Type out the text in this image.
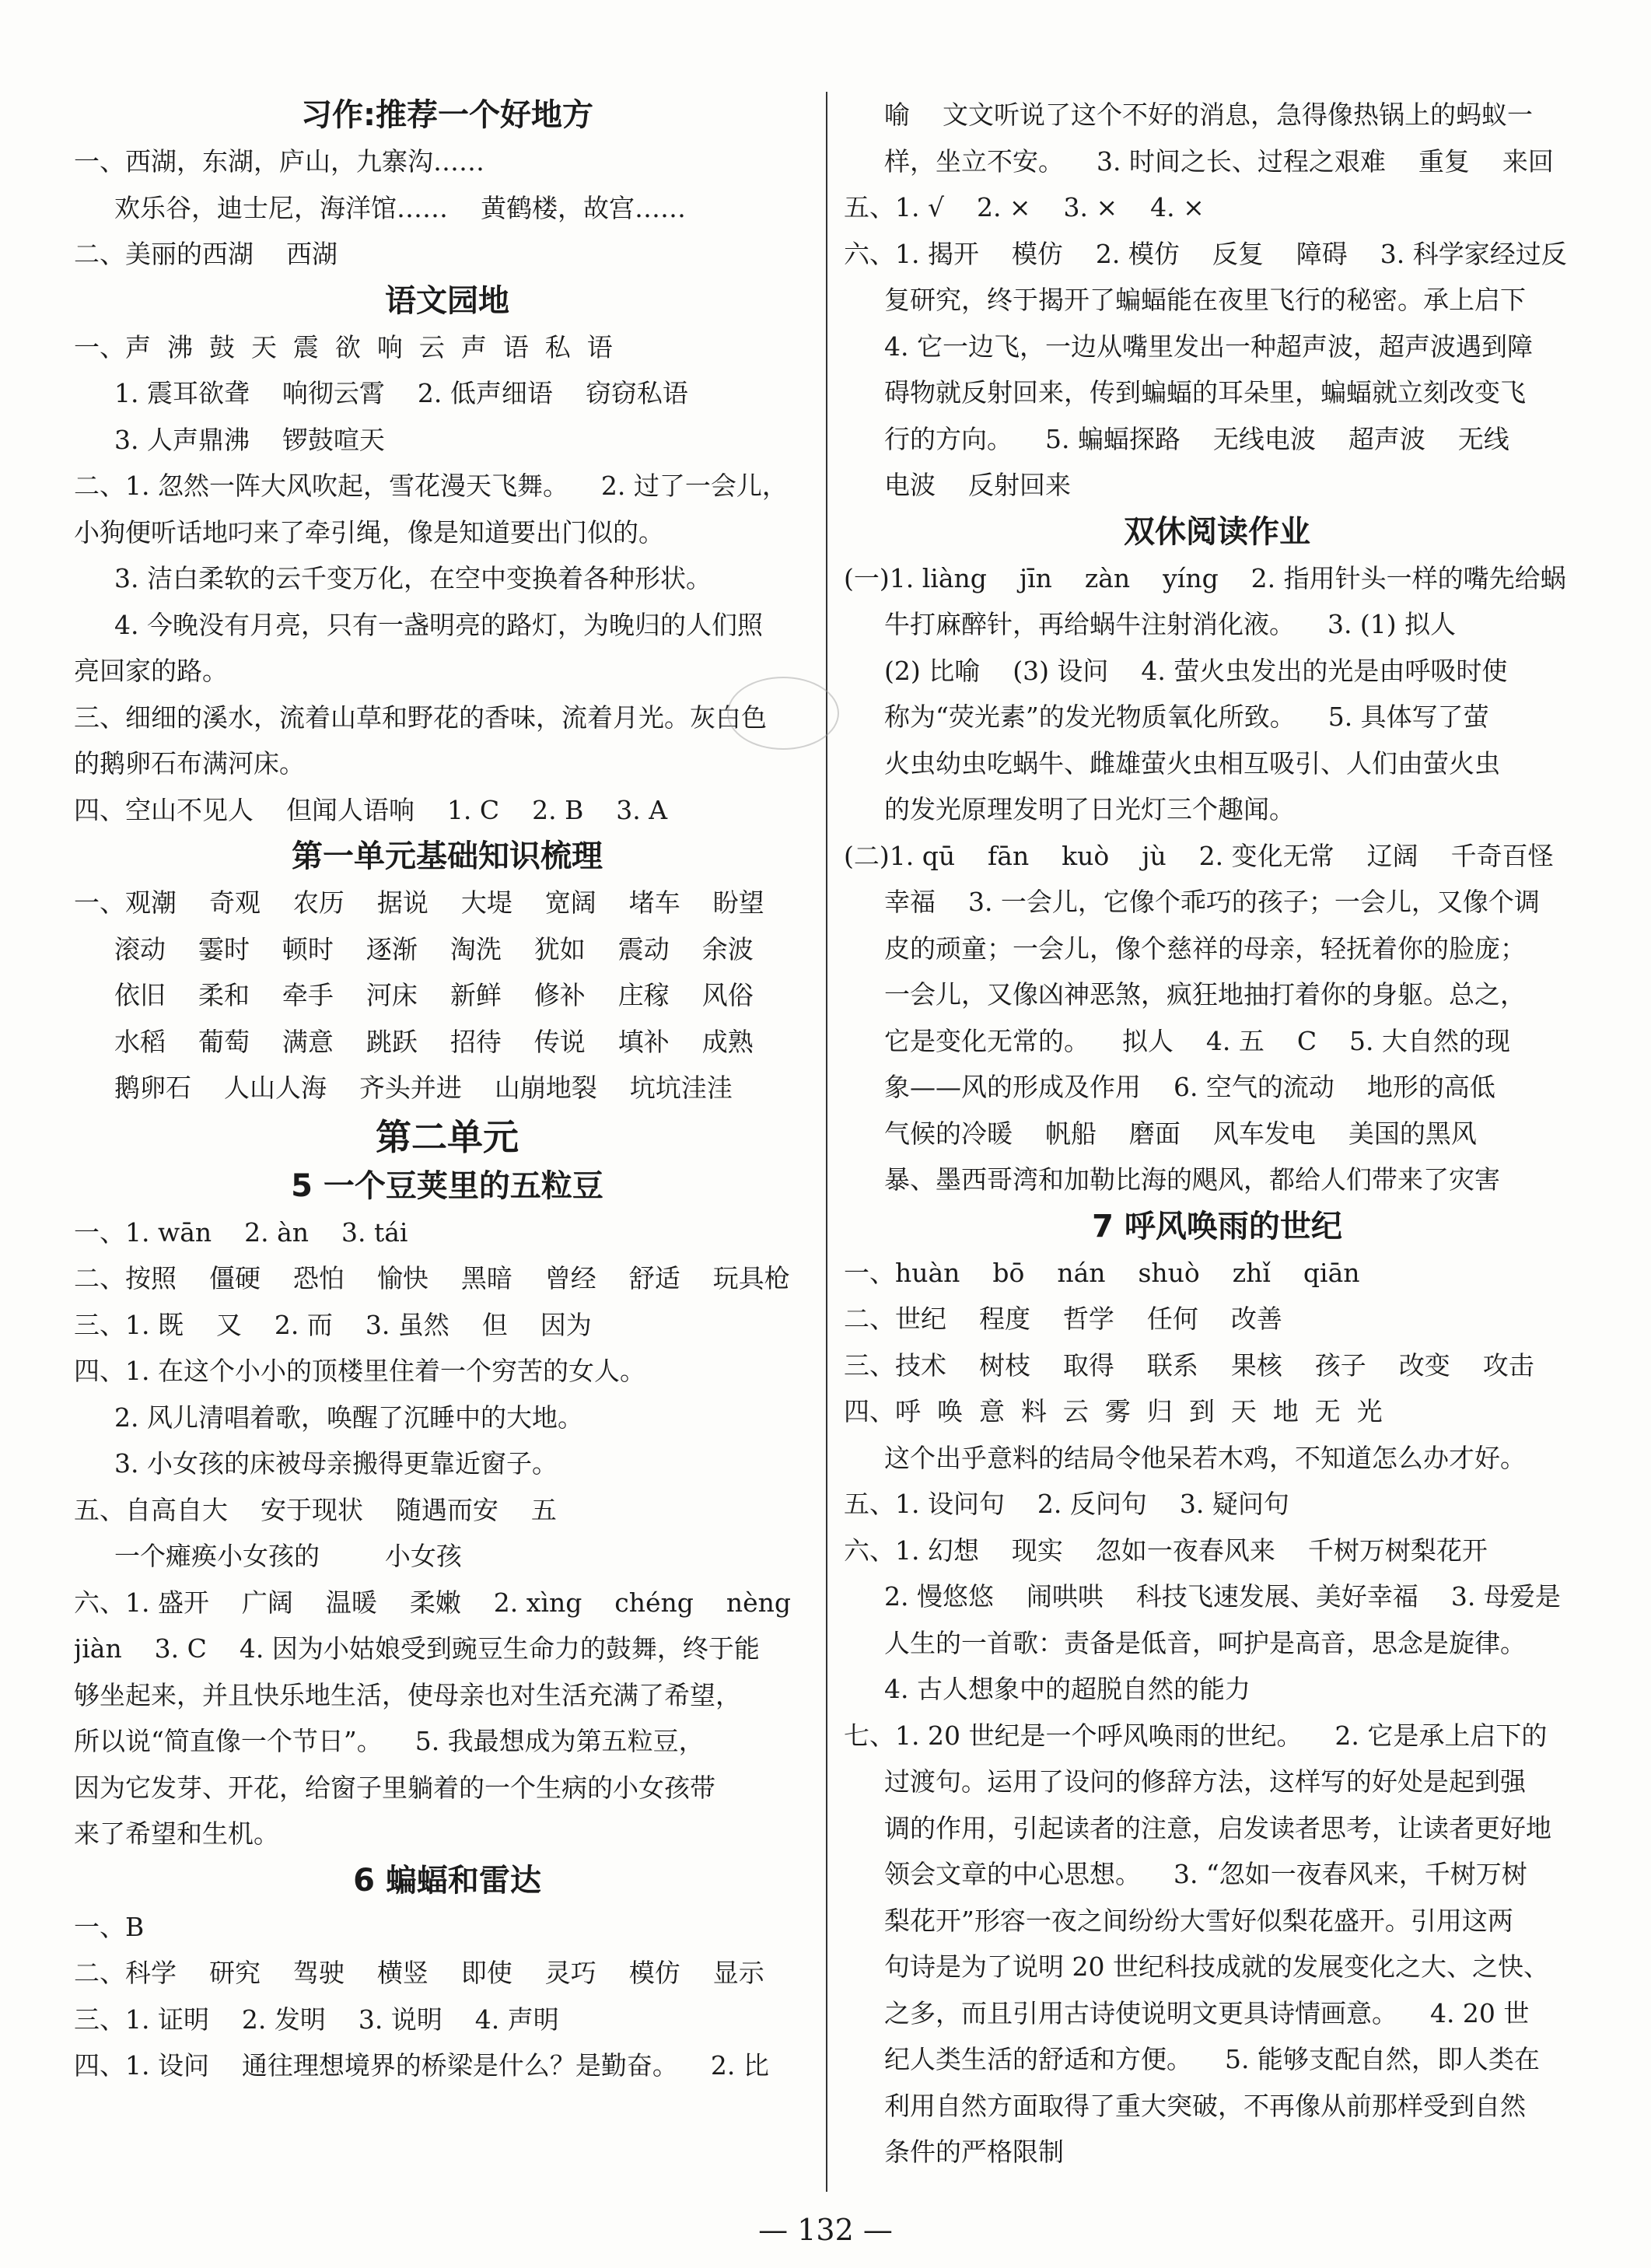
习作:推荐一个好地方
一、西湖，东湖，庐山，九寨沟……
欢乐谷，迪士尼，海洋馆……    黄鹤楼，故宫……
二、美丽的西湖    西湖
语文园地
一、声  沸  鼓  天  震  欲  响  云  声  语  私  语
1. 震耳欲聋    响彻云霄    2. 低声细语    窃窃私语
3. 人声鼎沸    锣鼓喧天
二、1. 忽然一阵大风吹起，雪花漫天飞舞。    2. 过了一会儿，
小狗便听话地叼来了牵引绳，像是知道要出门似的。
3. 洁白柔软的云千变万化，在空中变换着各种形状。
4. 今晚没有月亮，只有一盏明亮的路灯，为晚归的人们照
亮回家的路。
三、细细的溪水，流着山草和野花的香味，流着月光。灰白色
的鹅卵石布满河床。
四、空山不见人    但闻人语响    1. C    2. B    3. A
第一单元基础知识梳理
一、观潮    奇观    农历    据说    大堤    宽阔    堵车    盼望
滚动    霎时    顿时    逐渐    淘洗    犹如    震动    余波
依旧    柔和    牵手    河床    新鲜    修补    庄稼    风俗
水稻    葡萄    满意    跳跃    招待    传说    填补    成熟
鹅卵石    人山人海    齐头并进    山崩地裂    坑坑洼洼
第二单元
5 一个豆荚里的五粒豆
一、1. wān    2. àn    3. tái
二、按照    僵硬    恐怕    愉快    黑暗    曾经    舒适    玩具枪
三、1. 既    又    2. 而    3. 虽然    但    因为
四、1. 在这个小小的顶楼里住着一个穷苦的女人。
2. 风儿清唱着歌，唤醒了沉睡中的大地。
3. 小女孩的床被母亲搬得更靠近窗子。
五、自高自大    安于现状    随遇而安    五
一个瘫痪小女孩的        小女孩
六、1. 盛开    广阔    温暖    柔嫩    2. xìng    chéng    nèng
jiàn    3. C    4. 因为小姑娘受到豌豆生命力的鼓舞，终于能
够坐起来，并且快乐地生活，使母亲也对生活充满了希望，
所以说“简直像一个节日”。    5. 我最想成为第五粒豆，
因为它发芽、开花，给窗子里躺着的一个生病的小女孩带
来了希望和生机。
6 蝙蝠和雷达
一、B
二、科学    研究    驾驶    横竖    即使    灵巧    模仿    显示
三、1. 证明    2. 发明    3. 说明    4. 声明
四、1. 设问    通往理想境界的桥梁是什么？是勤奋。    2. 比
喻    文文听说了这个不好的消息，急得像热锅上的蚂蚁一
样，坐立不安。    3. 时间之长、过程之艰难    重复    来回
五、1. √    2. ×    3. ×    4. ×
六、1. 揭开    模仿    2. 模仿    反复    障碍    3. 科学家经过反
复研究，终于揭开了蝙蝠能在夜里飞行的秘密。承上启下
4. 它一边飞，一边从嘴里发出一种超声波，超声波遇到障
碍物就反射回来，传到蝙蝠的耳朵里，蝙蝠就立刻改变飞
行的方向。    5. 蝙蝠探路    无线电波    超声波    无线
电波    反射回来
双休阅读作业
(一)1. liàng    jīn    zàn    yíng    2. 指用针头一样的嘴先给蜗
牛打麻醉针，再给蜗牛注射消化液。    3. (1) 拟人
(2) 比喻    (3) 设问    4. 萤火虫发出的光是由呼吸时使
称为“荧光素”的发光物质氧化所致。    5. 具体写了萤
火虫幼虫吃蜗牛、雌雄萤火虫相互吸引、人们由萤火虫
的发光原理发明了日光灯三个趣闻。
(二)1. qū    fān    kuò    jù    2. 变化无常    辽阔    千奇百怪
幸福    3. 一会儿，它像个乖巧的孩子；一会儿，又像个调
皮的顽童；一会儿，像个慈祥的母亲，轻抚着你的脸庞；
一会儿，又像凶神恶煞，疯狂地抽打着你的身躯。总之，
它是变化无常的。    拟人    4. 五    C    5. 大自然的现
象——风的形成及作用    6. 空气的流动    地形的高低
气候的冷暖    帆船    磨面    风车发电    美国的黑风
暴、墨西哥湾和加勒比海的飓风，都给人们带来了灾害
7 呼风唤雨的世纪
一、huàn    bō    nán    shuò    zhǐ    qiān
二、世纪    程度    哲学    任何    改善
三、技术    树枝    取得    联系    果核    孩子    改变    攻击
四、呼  唤  意  料  云  雾  归  到  天  地  无  光
这个出乎意料的结局令他呆若木鸡，不知道怎么办才好。
五、1. 设问句    2. 反问句    3. 疑问句
六、1. 幻想    现实    忽如一夜春风来    千树万树梨花开
2. 慢悠悠    闹哄哄    科技飞速发展、美好幸福    3. 母爱是
人生的一首歌：责备是低音，呵护是高音，思念是旋律。
4. 古人想象中的超脱自然的能力
七、1. 20 世纪是一个呼风唤雨的世纪。    2. 它是承上启下的
过渡句。运用了设问的修辞方法，这样写的好处是起到强
调的作用，引起读者的注意，启发读者思考，让读者更好地
领会文章的中心思想。    3. “忽如一夜春风来，千树万树
梨花开”形容一夜之间纷纷大雪好似梨花盛开。引用这两
句诗是为了说明 20 世纪科技成就的发展变化之大、之快、
之多，而且引用古诗使说明文更具诗情画意。    4. 20 世
纪人类生活的舒适和方便。    5. 能够支配自然，即人类在
利用自然方面取得了重大突破，不再像从前那样受到自然
条件的严格限制
— 132 —
